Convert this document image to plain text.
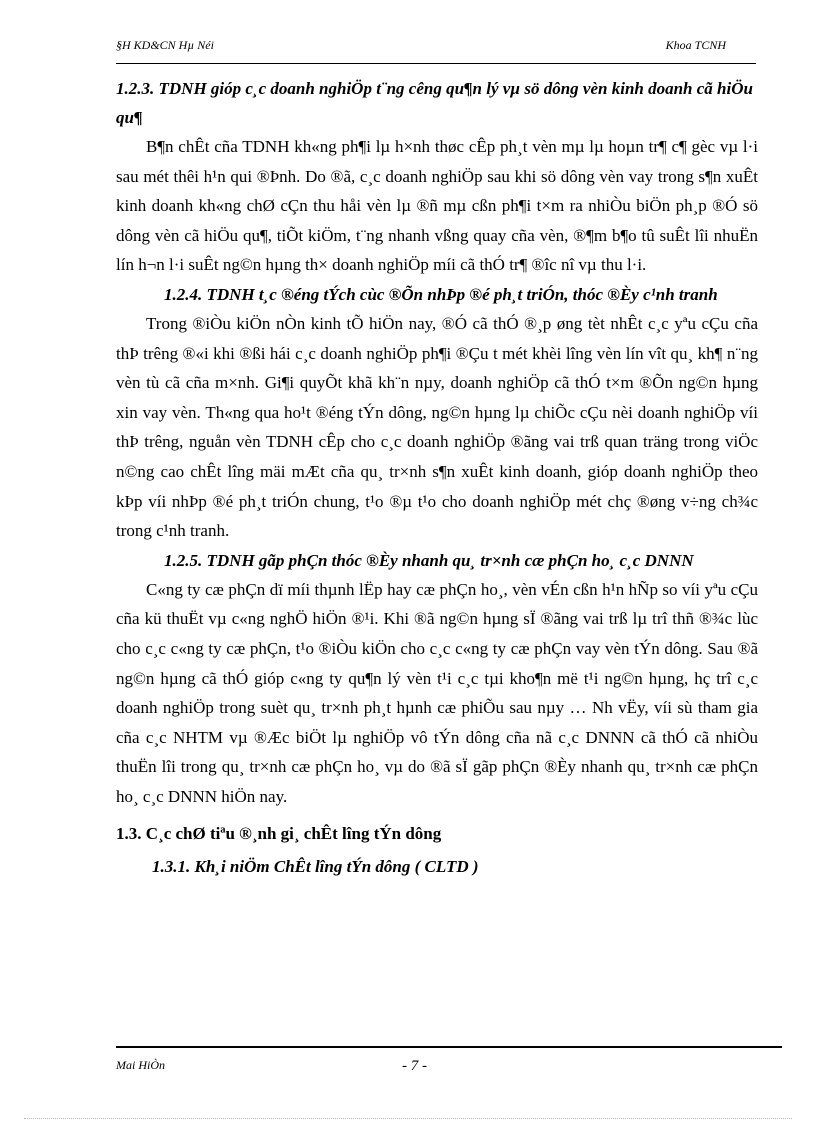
§H KD&CN Hµ Néi	Khoa TCNH

1.2.3. TDNH gióp c¸c doanh nghiÖp t¨ng cêng qu¶n lý vµ sö dông vèn kinh doanh cã hiÖu qu¶

B¶n chÊt cña TDNH kh«ng ph¶i lµ h×nh thøc cÊp ph¸t vèn mµ lµ hoµn tr¶ c¶ gèc vµ l·i sau mét thêi h¹n qui ®Þnh. Do ®ã, c¸c doanh nghiÖp sau khi sö dông vèn vay trong s¶n xuÊt kinh doanh kh«ng chØ cÇn thu håi vèn lµ ®ñ mµ cßn ph¶i t×m ra nhiÒu biÖn ph¸p ®Ó sö dông vèn cã hiÖu qu¶, tiÕt kiÖm, t¨ng nhanh vßng quay cña vèn, ®¶m b¶o tû suÊt lîi nhuËn lín h¬n l·i suÊt ng©n hµng th× doanh nghiÖp míi cã thÓ tr¶ ®îc nî vµ thu l·i.

1.2.4. TDNH t¸c ®éng tÝch cùc ®Õn nhÞp ®é ph¸t triÓn, thóc ®Èy c¹nh tranh

Trong ®iÒu kiÖn nÒn kinh tÕ hiÖn nay, ®Ó cã thÓ ®¸p øng tèt nhÊt c¸c yªu cÇu cña thÞ trêng ®«i khi ®ßi hái c¸c doanh nghiÖp ph¶i ®Çu t mét khèi lîng vèn lín vît qu¸ kh¶ n¨ng vèn tù cã cña m×nh. Gi¶i quyÕt khã kh¨n nµy, doanh nghiÖp cã thÓ t×m ®Õn ng©n hµng xin vay vèn. Th«ng qua ho¹t ®éng tÝn dông, ng©n hµng lµ chiÕc cÇu nèi doanh nghiÖp víi thÞ trêng, nguån vèn TDNH cÊp cho c¸c doanh nghiÖp ®ãng vai trß quan träng trong viÖc n©ng cao chÊt lîng mäi mÆt cña qu¸ tr×nh s¶n xuÊt kinh doanh, gióp doanh nghiÖp theo kÞp víi nhÞp ®é ph¸t triÓn chung, t¹o ®µ t¹o cho doanh nghiÖp mét chç ®øng v÷ng ch¾c trong c¹nh tranh.

1.2.5. TDNH gãp phÇn thóc ®Èy nhanh qu¸ tr×nh cæ phÇn ho¸ c¸c DNNN

C«ng ty cæ phÇn dï míi thµnh lËp hay cæ phÇn ho¸, vèn vÉn cßn h¹n hÑp so víi yªu cÇu cña kü thuËt vµ c«ng nghÖ hiÖn ®¹i. Khi ®ã ng©n hµng sÏ ®ãng vai trß lµ trî thñ ®¾c lùc cho c¸c c«ng ty cæ phÇn, t¹o ®iÒu kiÖn cho c¸c c«ng ty cæ phÇn vay vèn tÝn dông. Sau ®ã ng©n hµng cã thÓ gióp c«ng ty qu¶n lý vèn t¹i c¸c tµi kho¶n më t¹i ng©n hµng, hç trî c¸c doanh nghiÖp trong suèt qu¸ tr×nh ph¸t hµnh cæ phiÕu sau nµy … Nh vËy, víi sù tham gia cña c¸c NHTM vµ ®Æc biÖt lµ nghiÖp vô tÝn dông cña nã c¸c DNNN cã thÓ cã nhiÒu thuËn lîi trong qu¸ tr×nh cæ phÇn ho¸ vµ do ®ã sÏ gãp phÇn ®Èy nhanh qu¸ tr×nh cæ phÇn ho¸ c¸c DNNN hiÖn nay.

1.3. C¸c chØ tiªu ®¸nh gi¸ chÊt lîng tÝn dông

1.3.1. Kh¸i niÖm ChÊt lîng tÝn dông ( CLTD )

Mai HiÒn	- 7 -
